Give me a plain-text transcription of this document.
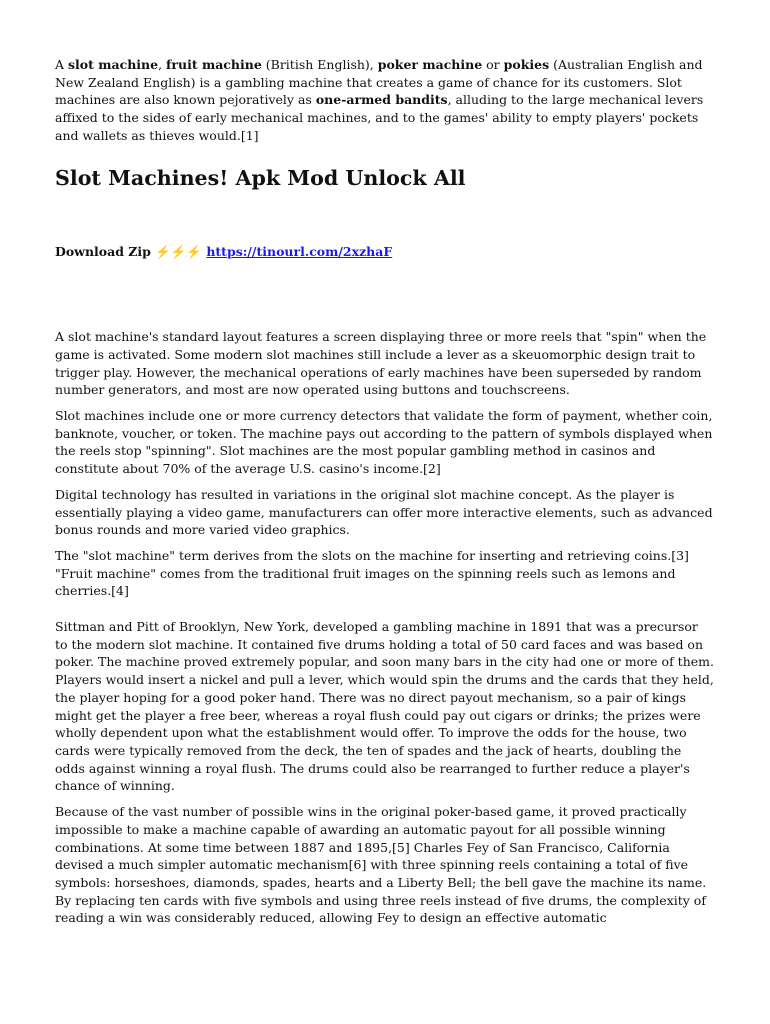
A slot machine, fruit machine (British English), poker machine or pokies (Australian English and New Zealand English) is a gambling machine that creates a game of chance for its customers. Slot machines are also known pejoratively as one-armed bandits, alluding to the large mechanical levers affixed to the sides of early mechanical machines, and to the games' ability to empty players' pockets and wallets as thieves would.[1]

Slot Machines! Apk Mod Unlock All

Download Zip ⚡⚡⚡ https://tinourl.com/2xzhaF

A slot machine's standard layout features a screen displaying three or more reels that "spin" when the game is activated. Some modern slot machines still include a lever as a skeuomorphic design trait to trigger play. However, the mechanical operations of early machines have been superseded by random number generators, and most are now operated using buttons and touchscreens.

Slot machines include one or more currency detectors that validate the form of payment, whether coin, banknote, voucher, or token. The machine pays out according to the pattern of symbols displayed when the reels stop "spinning". Slot machines are the most popular gambling method in casinos and constitute about 70% of the average U.S. casino's income.[2]

Digital technology has resulted in variations in the original slot machine concept. As the player is essentially playing a video game, manufacturers can offer more interactive elements, such as advanced bonus rounds and more varied video graphics.

The "slot machine" term derives from the slots on the machine for inserting and retrieving coins.[3] "Fruit machine" comes from the traditional fruit images on the spinning reels such as lemons and cherries.[4]

Sittman and Pitt of Brooklyn, New York, developed a gambling machine in 1891 that was a precursor to the modern slot machine. It contained five drums holding a total of 50 card faces and was based on poker. The machine proved extremely popular, and soon many bars in the city had one or more of them. Players would insert a nickel and pull a lever, which would spin the drums and the cards that they held, the player hoping for a good poker hand. There was no direct payout mechanism, so a pair of kings might get the player a free beer, whereas a royal flush could pay out cigars or drinks; the prizes were wholly dependent upon what the establishment would offer. To improve the odds for the house, two cards were typically removed from the deck, the ten of spades and the jack of hearts, doubling the odds against winning a royal flush. The drums could also be rearranged to further reduce a player's chance of winning.

Because of the vast number of possible wins in the original poker-based game, it proved practically impossible to make a machine capable of awarding an automatic payout for all possible winning combinations. At some time between 1887 and 1895,[5] Charles Fey of San Francisco, California devised a much simpler automatic mechanism[6] with three spinning reels containing a total of five symbols: horseshoes, diamonds, spades, hearts and a Liberty Bell; the bell gave the machine its name. By replacing ten cards with five symbols and using three reels instead of five drums, the complexity of reading a win was considerably reduced, allowing Fey to design an effective automatic
